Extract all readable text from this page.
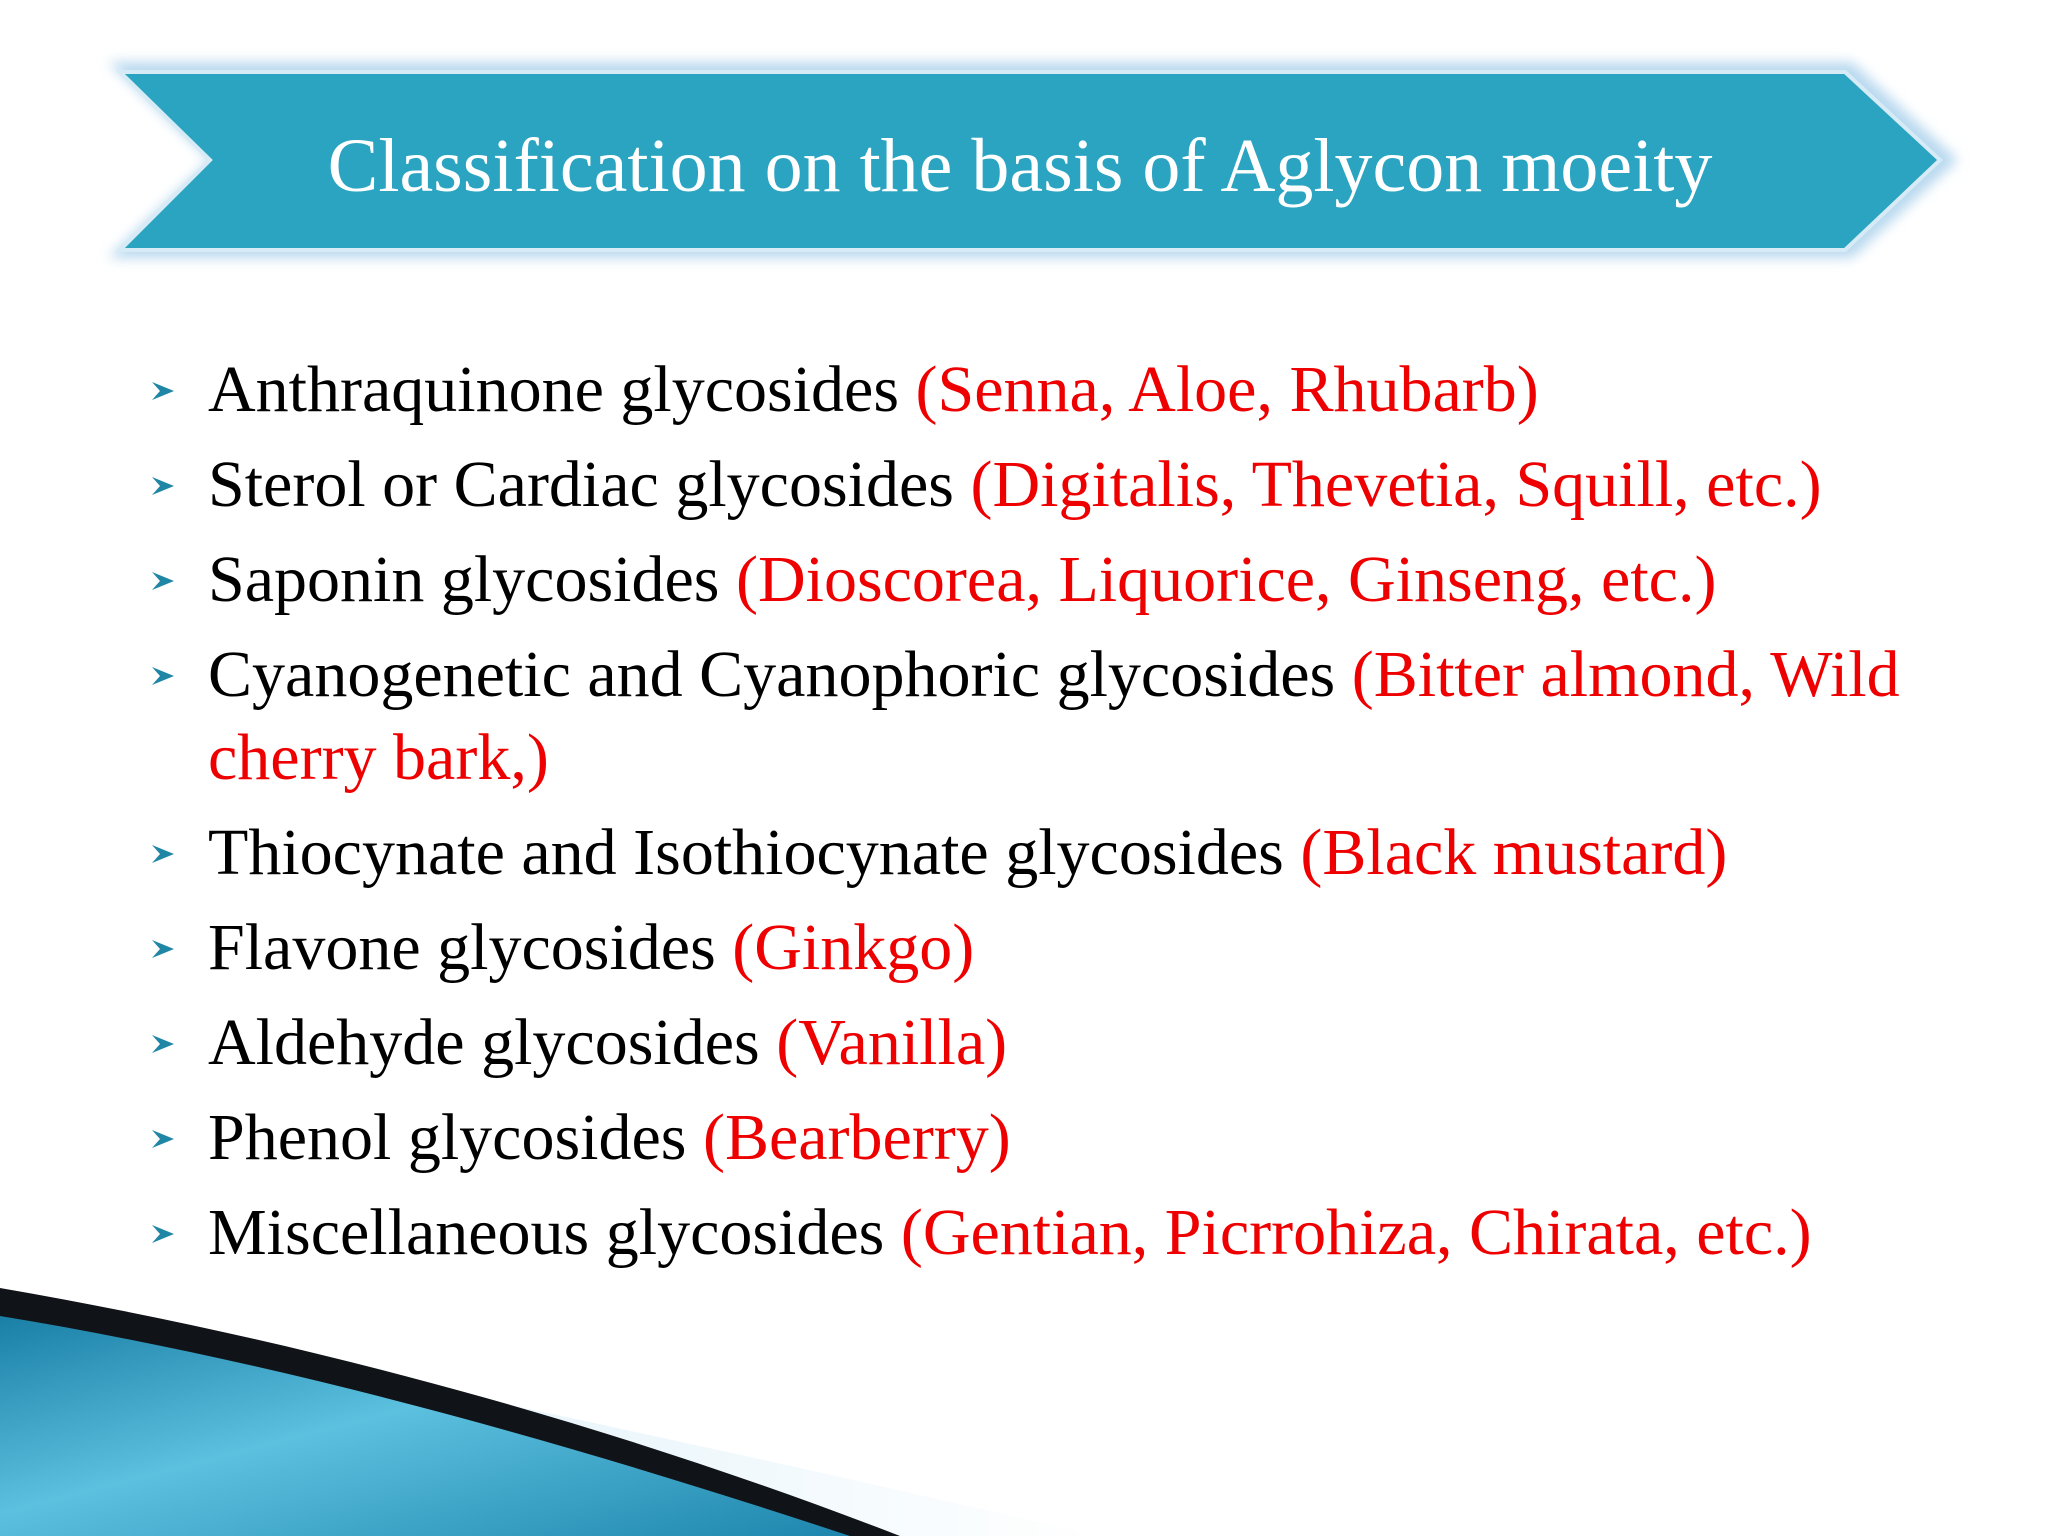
Classification on the basis of Aglycon moeity
Anthraquinone glycosides (Senna, Aloe, Rhubarb)
Sterol or Cardiac glycosides (Digitalis, Thevetia, Squill, etc.)
Saponin glycosides (Dioscorea, Liquorice, Ginseng, etc.)
Cyanogenetic and Cyanophoric glycosides (Bitter almond, Wild cherry bark,)
Thiocynate and Isothiocynate glycosides (Black mustard)
Flavone glycosides (Ginkgo)
Aldehyde glycosides (Vanilla)
Phenol glycosides (Bearberry)
Miscellaneous glycosides (Gentian, Picrrohiza, Chirata, etc.)
